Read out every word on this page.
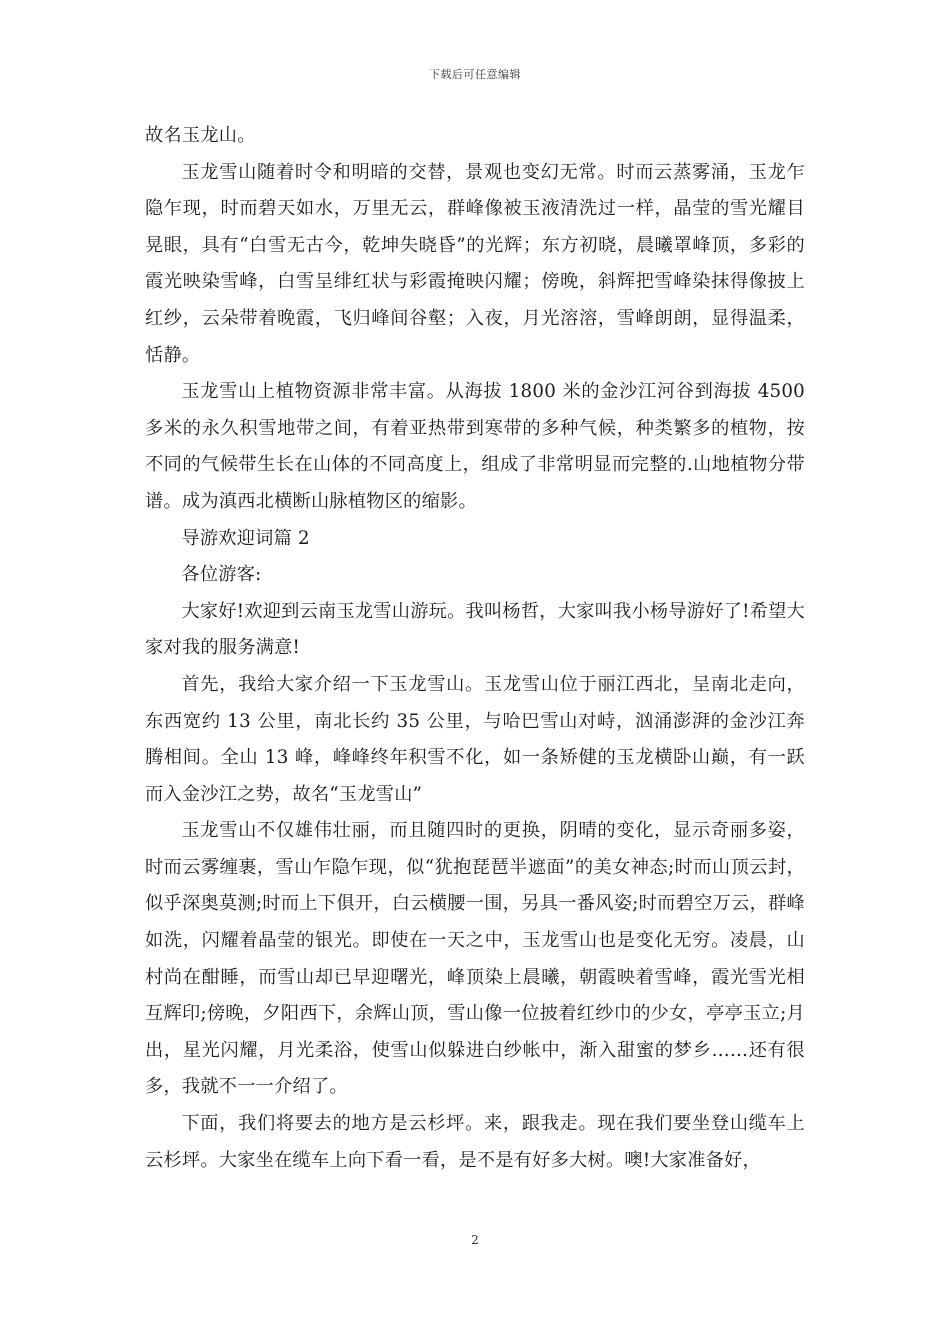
下载后可任意编辑

故名玉龙山。

玉龙雪山随着时令和明暗的交替，景观也变幻无常。时而云蒸雾涌，玉龙乍隐乍现，时而碧天如水，万里无云，群峰像被玉液清洗过一样，晶莹的雪光耀目晃眼，具有“白雪无古今，乾坤失晓昏”的光辉；东方初晓，晨曦罩峰顶，多彩的霞光映染雪峰，白雪呈绯红状与彩霞掩映闪耀；傍晚，斜辉把雪峰染抹得像披上红纱，云朵带着晚霞，飞归峰间谷壑；入夜，月光溶溶，雪峰朗朗，显得温柔，恬静。

玉龙雪山上植物资源非常丰富。从海拔 1800 米的金沙江河谷到海拔 4500 多米的永久积雪地带之间，有着亚热带到寒带的多种气候，种类繁多的植物，按不同的气候带生长在山体的不同高度上，组成了非常明显而完整的.山地植物分带谱。成为滇西北横断山脉植物区的缩影。

导游欢迎词篇 2

各位游客:

大家好!欢迎到云南玉龙雪山游玩。我叫杨哲，大家叫我小杨导游好了!希望大家对我的服务满意!

首先，我给大家介绍一下玉龙雪山。玉龙雪山位于丽江西北，呈南北走向，东西宽约 13 公里，南北长约 35 公里，与哈巴雪山对峙，汹涌澎湃的金沙江奔腾相间。全山 13 峰，峰峰终年积雪不化，如一条矫健的玉龙横卧山巅，有一跃而入金沙江之势，故名“玉龙雪山”

玉龙雪山不仅雄伟壮丽，而且随四时的更换，阴晴的变化，显示奇丽多姿，时而云雾缠裹，雪山乍隐乍现，似“犹抱琵琶半遮面”的美女神态;时而山顶云封，似乎深奥莫测;时而上下俱开，白云横腰一围，另具一番风姿;时而碧空万云，群峰如洗，闪耀着晶莹的银光。即使在一天之中，玉龙雪山也是变化无穷。凌晨，山村尚在酣睡，而雪山却已早迎曙光，峰顶染上晨曦，朝霞映着雪峰，霞光雪光相互辉印;傍晚，夕阳西下，余辉山顶，雪山像一位披着红纱巾的少女，亭亭玉立;月出，星光闪耀，月光柔浴，使雪山似躲进白纱帐中，渐入甜蜜的梦乡……还有很多，我就不一一介绍了。

下面，我们将要去的地方是云杉坪。来，跟我走。现在我们要坐登山缆车上云杉坪。大家坐在缆车上向下看一看，是不是有好多大树。噢!大家准备好，

2
